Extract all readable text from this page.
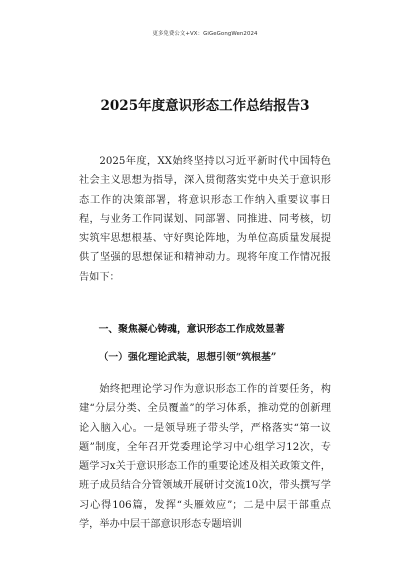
更多免费公文+VX：GiGeGongWen2024
2025年度意识形态工作总结报告3

2025年度，XX始终坚持以习近平新时代中国特色社会主义思想为指导，深入贯彻落实党中央关于意识形态工作的决策部署，将意识形态工作纳入重要议事日程，与业务工作同谋划、同部署、同推进、同考核，切实筑牢思想根基、守好舆论阵地，为单位高质量发展提供了坚强的思想保证和精神动力。现将年度工作情况报告如下：

一、聚焦凝心铸魂，意识形态工作成效显著
（一）强化理论武装，思想引领“筑根基”

始终把理论学习作为意识形态工作的首要任务，构建“分层分类、全员覆盖”的学习体系，推动党的创新理论入脑入心。一是领导班子带头学，严格落实“第一议题”制度，全年召开党委理论学习中心组学习12次，专题学习x关于意识形态工作的重要论述及相关政策文件，班子成员结合分管领域开展研讨交流10次，带头撰写学习心得106篇，发挥“头雁效应”；二是中层干部重点学，举办中层干部意识形态专题培训
